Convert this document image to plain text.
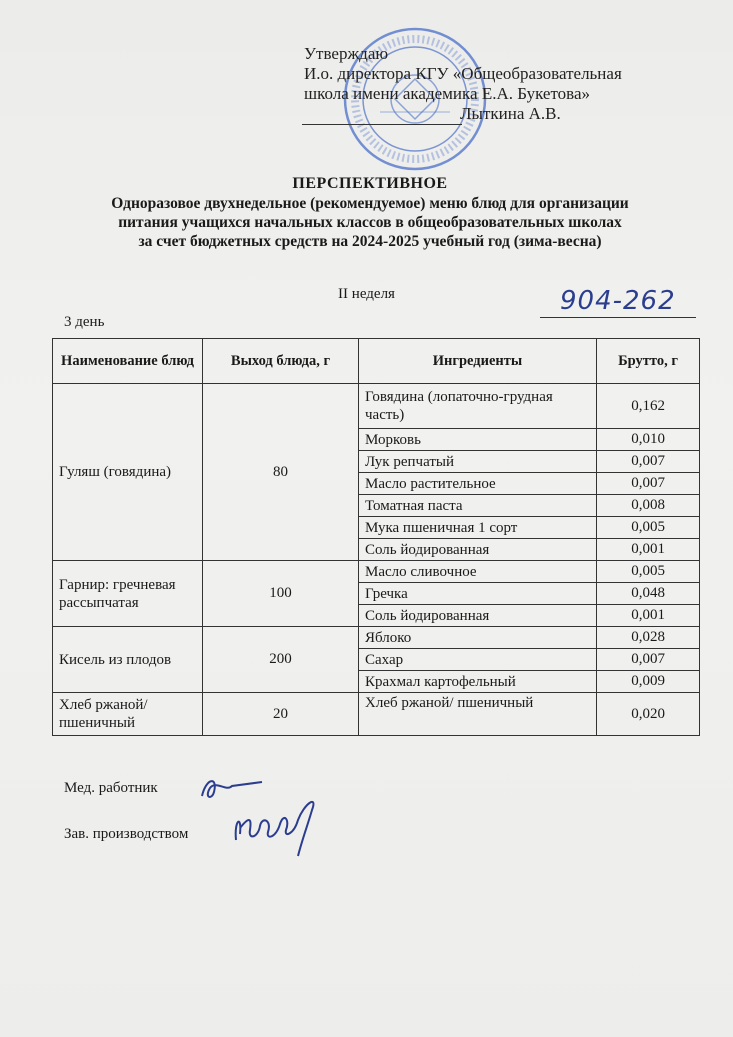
Утверждаю
И.о. директора КГУ «Общеобразовательная
школа имени академика Е.А. Букетова»
Лыткина А.В.
ПЕРСПЕКТИВНОЕ
Одноразовое двухнедельное (рекомендуемое) меню блюд для организации
питания учащихся начальных классов в общеобразовательных школах
за счет бюджетных средств на 2024-2025 учебный год (зима-весна)
II неделя
3 день
904-262
Наименование блюд	Выход блюда, г	Ингредиенты	Брутто, г
Гуляш (говядина)	80	Говядина (лопаточно-грудная часть)	0,162
		Морковь	0,010
		Лук репчатый	0,007
		Масло растительное	0,007
		Томатная паста	0,008
		Мука пшеничная 1 сорт	0,005
		Соль йодированная	0,001
Гарнир: гречневая рассыпчатая	100	Масло сливочное	0,005
		Гречка	0,048
		Соль йодированная	0,001
Кисель из плодов	200	Яблоко	0,028
		Сахар	0,007
		Крахмал картофельный	0,009
Хлеб ржаной/ пшеничный	20	Хлеб ржаной/ пшеничный	0,020
Мед. работник
Зав. производством
